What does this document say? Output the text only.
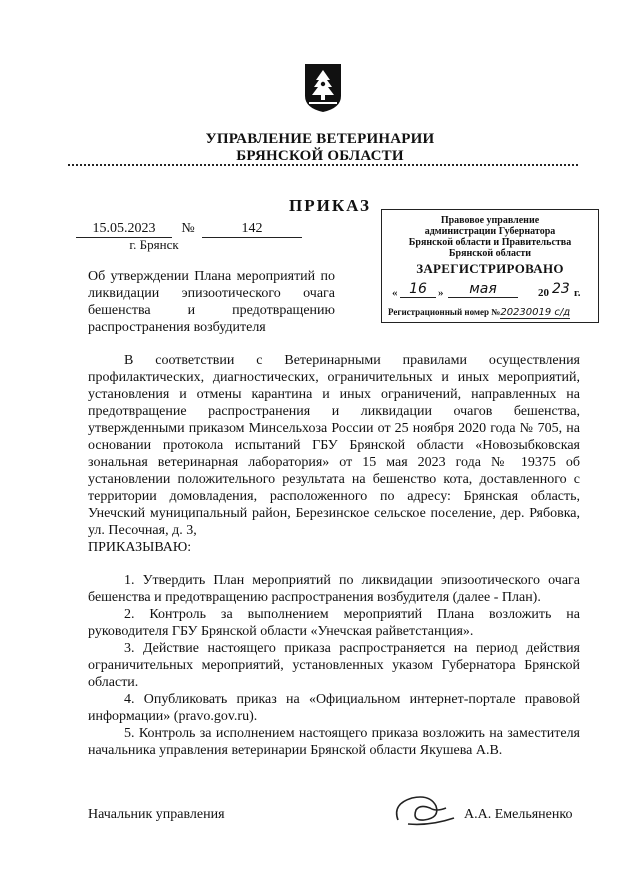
УПРАВЛЕНИЕ ВЕТЕРИНАРИИ
БРЯНСКОЙ ОБЛАСТИ
ПРИКАЗ
15.05.2023	№	142
г. Брянск
Об утверждении Плана мероприятий по ликвидации эпизоотического очага бешенства и предотвращению распространения возбудителя
Правовое управление
администрации Губернатора
Брянской области и Правительства
Брянской области
ЗАРЕГИСТРИРОВАНО
« 16	»	мая	20 23 г.
Регистрационный номер №20230019 с/д

В соответствии с Ветеринарными правилами осуществления профилактических, диагностических, ограничительных и иных мероприятий, установления и отмены карантина и иных ограничений, направленных на предотвращение распространения и ликвидации очагов бешенства, утвержденными приказом Минсельхоза России от 25 ноября 2020 года № 705, на основании протокола испытаний ГБУ Брянской области «Новозыбковская зональная ветеринарная лаборатория» от 15 мая 2023 года № 19375 об установлении положительного результата на бешенство кота, доставленного с территории домовладения, расположенного по адресу: Брянская область, Унечский муниципальный район, Березинское сельское поселение, дер. Рябовка, ул. Песочная, д. 3,

ПРИКАЗЫВАЮ:

1. Утвердить План мероприятий по ликвидации эпизоотического очага бешенства и предотвращению распространения возбудителя (далее - План).

2. Контроль за выполнением мероприятий Плана возложить на руководителя ГБУ Брянской области «Унечская райветстанция».

3. Действие настоящего приказа распространяется на период действия ограничительных мероприятий, установленных указом Губернатора Брянской области.

4. Опубликовать приказ на «Официальном интернет-портале правовой информации» (pravo.gov.ru).

5. Контроль за исполнением настоящего приказа возложить на заместителя начальника управления ветеринарии Брянской области Якушева А.В.

Начальник управления	А.А. Емельяненко
